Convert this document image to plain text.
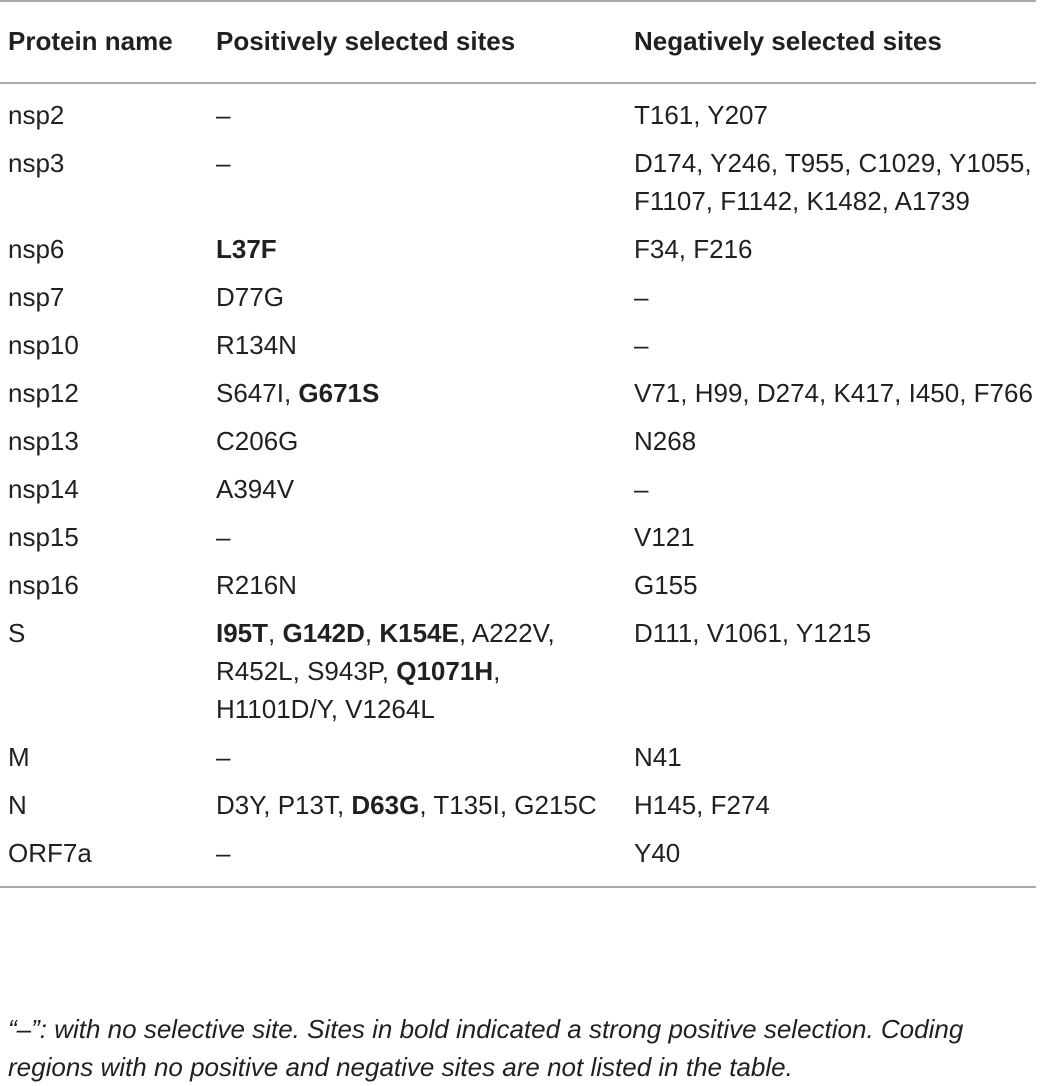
Protein name	Positively selected sites	Negatively selected sites
nsp2	–	T161, Y207
nsp3	–	D174, Y246, T955, C1029, Y1055, F1107, F1142, K1482, A1739
nsp6	L37F	F34, F216
nsp7	D77G	–
nsp10	R134N	–
nsp12	S647I, G671S	V71, H99, D274, K417, I450, F766
nsp13	C206G	N268
nsp14	A394V	–
nsp15	–	V121
nsp16	R216N	G155
S	I95T, G142D, K154E, A222V, R452L, S943P, Q1071H, H1101D/Y, V1264L	D111, V1061, Y1215
M	–	N41
N	D3Y, P13T, D63G, T135I, G215C	H145, F274
ORF7a	–	Y40
“–”: with no selective site. Sites in bold indicated a strong positive selection. Coding regions with no positive and negative sites are not listed in the table.
